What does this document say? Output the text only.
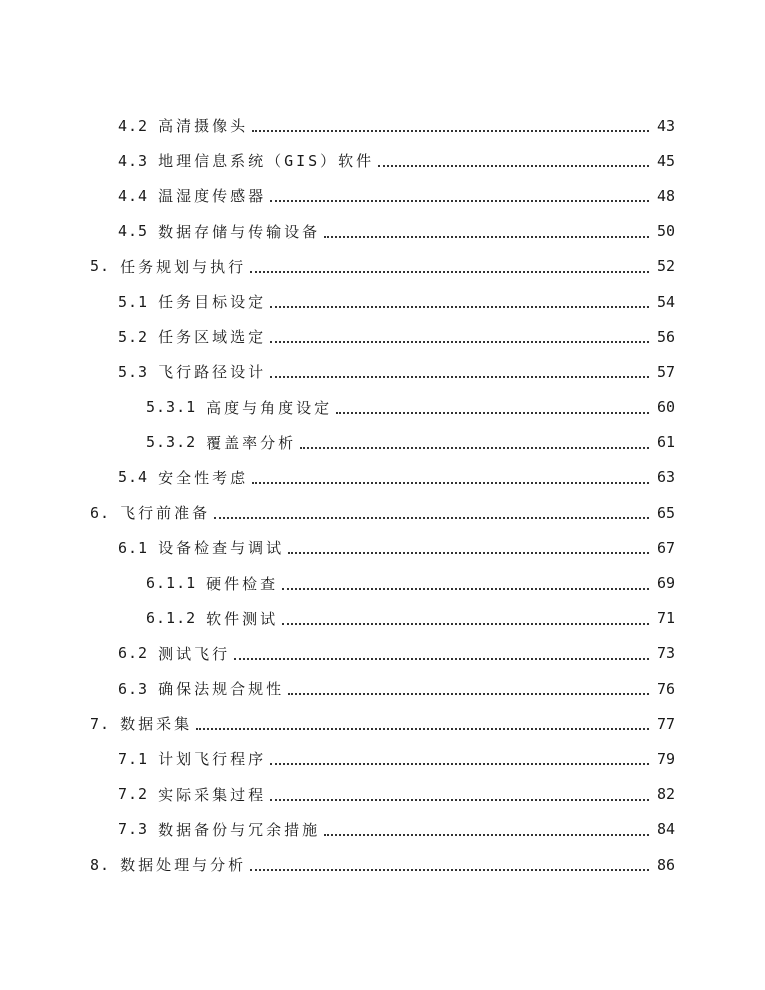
4.2 高清摄像头	43
4.3 地理信息系统（GIS）软件	45
4.4 温湿度传感器	48
4.5 数据存储与传输设备	50
5. 任务规划与执行	52
5.1 任务目标设定	54
5.2 任务区域选定	56
5.3 飞行路径设计	57
5.3.1 高度与角度设定	60
5.3.2 覆盖率分析	61
5.4 安全性考虑	63
6. 飞行前准备	65
6.1 设备检查与调试	67
6.1.1 硬件检查	69
6.1.2 软件测试	71
6.2 测试飞行	73
6.3 确保法规合规性	76
7. 数据采集	77
7.1 计划飞行程序	79
7.2 实际采集过程	82
7.3 数据备份与冗余措施	84
8. 数据处理与分析	86
